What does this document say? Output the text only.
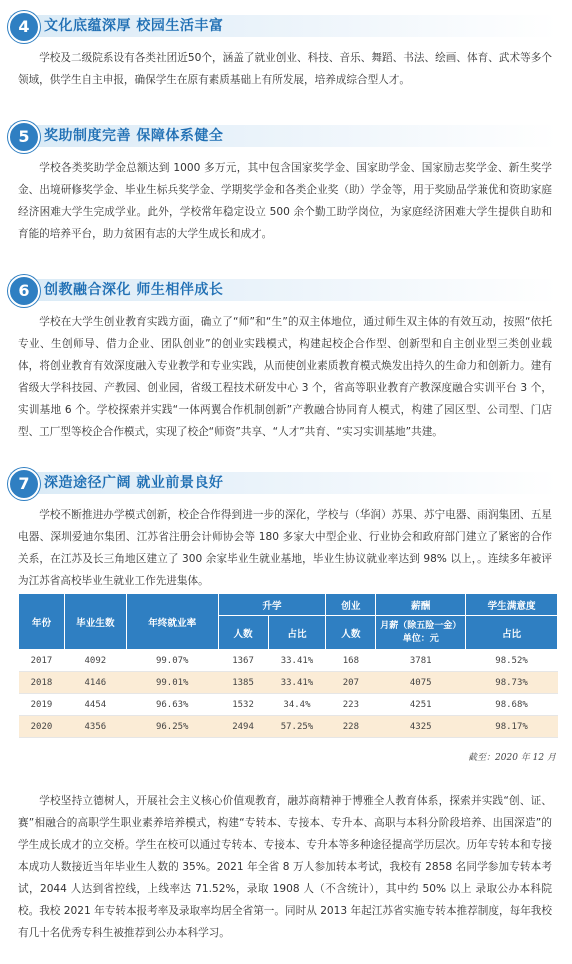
4	文化底蕴深厚 校园生活丰富

学校及二级院系设有各类社团近50个，涵盖了就业创业、科技、音乐、舞蹈、书法、绘画、体育、武术等多个领域，供学生自主申报，确保学生在原有素质基础上有所发展，培养成综合型人才。

5	奖助制度完善 保障体系健全

学校各类奖助学金总额达到 1000 多万元，其中包含国家奖学金、国家助学金、国家励志奖学金、新生奖学金、出境研修奖学金、毕业生标兵奖学金、学期奖学金和各类企业奖（助）学金等，用于奖励品学兼优和资助家庭经济困难大学生完成学业。此外，学校常年稳定设立 500 余个勤工助学岗位，为家庭经济困难大学生提供自助和育能的培养平台，助力贫困有志的大学生成长和成才。

6	创教融合深化 师生相伴成长

学校在大学生创业教育实践方面，确立了“师”和“生”的双主体地位，通过师生双主体的有效互动，按照“依托专业、生创师导、借力企业、团队创业”的创业实践模式，构建起校企合作型、创新型和自主创业型三类创业载体，将创业教育有效深度融入专业教学和专业实践，从而使创业素质教育模式焕发出持久的生命力和创新力。建有省级大学科技园、产教园、创业园，省级工程技术研发中心 3 个，省高等职业教育产教深度融合实训平台 3 个，实训基地 6 个。学校探索并实践“一体两翼合作机制创新”产教融合协同育人模式，构建了园区型、公司型、门店型、工厂型等校企合作模式，实现了校企“师资”共享、“人才”共育、“实习实训基地”共建。

7	深造途径广阔 就业前景良好

学校不断推进办学模式创新，校企合作得到进一步的深化，学校与（华润）苏果、苏宁电器、雨润集团、五星电器、深圳爱迪尔集团、江苏省注册会计师协会等 180 多家大中型企业、行业协会和政府部门建立了紧密的合作关系，在江苏及长三角地区建立了 300 余家毕业生就业基地，毕业生协议就业率达到 98% 以上，。连续多年被评为江苏省高校毕业生就业工作先进集体。

年份	毕业生数	年终就业率	升学		创业	薪酬	学生满意度
			人数	占比	人数	月薪（除五险一金）单位：元	占比
2017	4092	99.07%	1367	33.41%	168	3781	98.52%
2018	4146	99.01%	1385	33.41%	207	4075	98.73%
2019	4454	96.63%	1532	34.4%	223	4251	98.68%
2020	4356	96.25%	2494	57.25%	228	4325	98.17%
截至：2020 年 12 月

学校坚持立德树人，开展社会主义核心价值观教育，融苏商精神于博雅全人教育体系，探索并实践“创、证、赛”相融合的高职学生职业素养培养模式，构建“专转本、专接本、专升本、高职与本科分阶段培养、出国深造”的学生成长成才的立交桥。学生在校可以通过专转本、专接本、专升本等多种途径提高学历层次。历年专转本和专接本成功人数接近当年毕业生人数的 35%。2021 年全省 8 万人参加转本考试，我校有 2858 名同学参加专转本考试，2044 人达到省控线，上线率达 71.52%，录取 1908 人（不含统计），其中约 50% 以上 录取公办本科院校。我校 2021 年专转本报考率及录取率均居全省第一。同时从 2013 年起江苏省实施专转本推荐制度，每年我校有几十名优秀专科生被推荐到公办本科学习。
